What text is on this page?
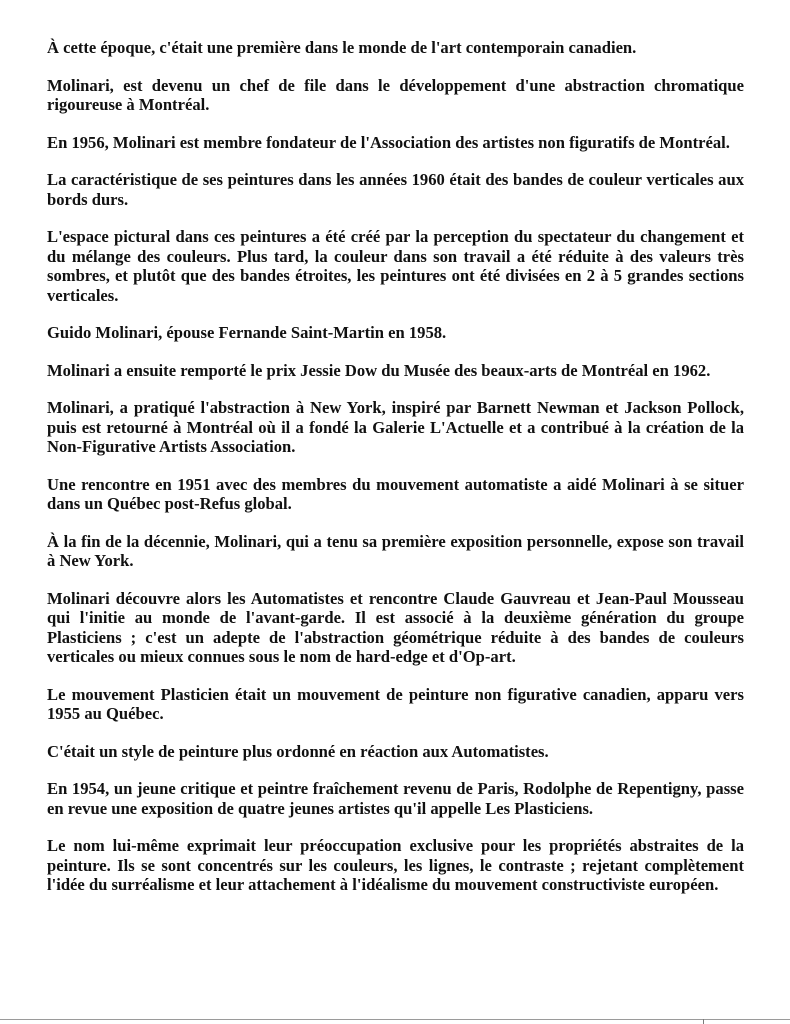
À cette époque, c'était une première dans le monde de l'art contemporain canadien.

Molinari, est devenu un chef de file dans le développement d'une abstraction chromatique rigoureuse à Montréal.

En 1956, Molinari est membre fondateur de l'Association des artistes non figuratifs de Montréal.

La caractéristique de ses peintures dans les années 1960 était des bandes de couleur verticales aux bords durs.

L'espace pictural dans ces peintures a été créé par la perception du spectateur du changement et du mélange des couleurs. Plus tard, la couleur dans son travail a été réduite à des valeurs très sombres, et plutôt que des bandes étroites, les peintures ont été divisées en 2 à 5 grandes sections verticales.

Guido Molinari, épouse Fernande Saint-Martin en 1958.

Molinari a ensuite remporté le prix Jessie Dow du Musée des beaux-arts de Montréal en 1962.

Molinari, a pratiqué l'abstraction à New York, inspiré par Barnett Newman et Jackson Pollock, puis est retourné à Montréal où il a fondé la Galerie L'Actuelle et a contribué à la création de la Non-Figurative Artists Association.

Une rencontre en 1951 avec des membres du mouvement automatiste a aidé Molinari à se situer dans un Québec post-Refus global.

À la fin de la décennie, Molinari, qui a tenu sa première exposition personnelle, expose son travail à New York.

Molinari découvre alors les Automatistes et rencontre Claude Gauvreau et Jean-Paul Mousseau qui l'initie au monde de l'avant-garde. Il est associé à la deuxième génération du groupe Plasticiens ; c'est un adepte de l'abstraction géométrique réduite à des bandes de couleurs verticales ou mieux connues sous le nom de hard-edge et d'Op-art.

Le mouvement Plasticien était un mouvement de peinture non figurative canadien, apparu vers 1955 au Québec.

C'était un style de peinture plus ordonné en réaction aux Automatistes.

En 1954, un jeune critique et peintre fraîchement revenu de Paris, Rodolphe de Repentigny, passe en revue une exposition de quatre jeunes artistes qu'il appelle Les Plasticiens.

Le nom lui-même exprimait leur préoccupation exclusive pour les propriétés abstraites de la peinture. Ils se sont concentrés sur les couleurs, les lignes, le contraste ; rejetant complètement l'idée du surréalisme et leur attachement à l'idéalisme du mouvement constructiviste européen.
